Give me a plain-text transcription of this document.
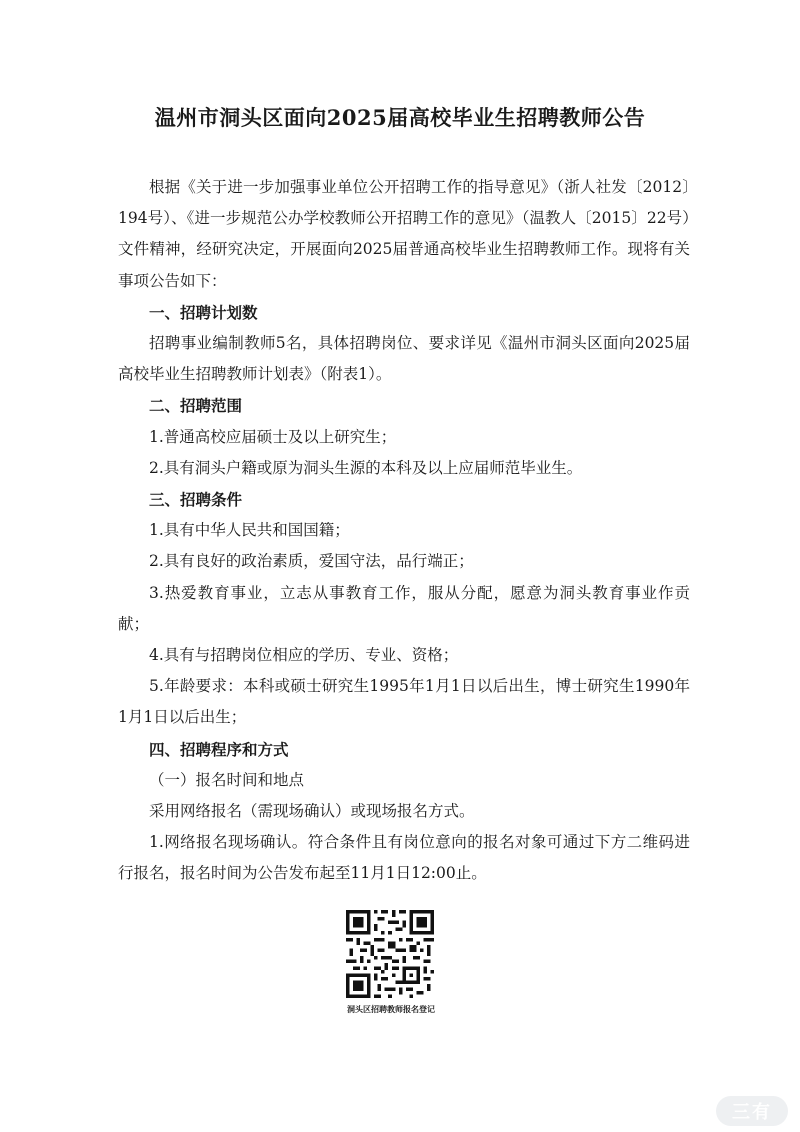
温州市洞头区面向2025届高校毕业生招聘教师公告

根据《关于进一步加强事业单位公开招聘工作的指导意见》（浙人社发〔2012〕194号）、《进一步规范公办学校教师公开招聘工作的意见》（温教人〔2015〕22号）文件精神，经研究决定，开展面向2025届普通高校毕业生招聘教师工作。现将有关事项公告如下：

一、招聘计划数

招聘事业编制教师5名，具体招聘岗位、要求详见《温州市洞头区面向2025届高校毕业生招聘教师计划表》（附表1）。

二、招聘范围

1.普通高校应届硕士及以上研究生；

2.具有洞头户籍或原为洞头生源的本科及以上应届师范毕业生。

三、招聘条件

1.具有中华人民共和国国籍；

2.具有良好的政治素质，爱国守法，品行端正；

3.热爱教育事业，立志从事教育工作，服从分配，愿意为洞头教育事业作贡献；

4.具有与招聘岗位相应的学历、专业、资格；

5.年龄要求：本科或硕士研究生1995年1月1日以后出生，博士研究生1990年1月1日以后出生；

四、招聘程序和方式

（一）报名时间和地点

采用网络报名（需现场确认）或现场报名方式。

1.网络报名现场确认。符合条件且有岗位意向的报名对象可通过下方二维码进行报名，报名时间为公告发布起至11月1日12:00止。

洞头区招聘教师报名登记
三有
